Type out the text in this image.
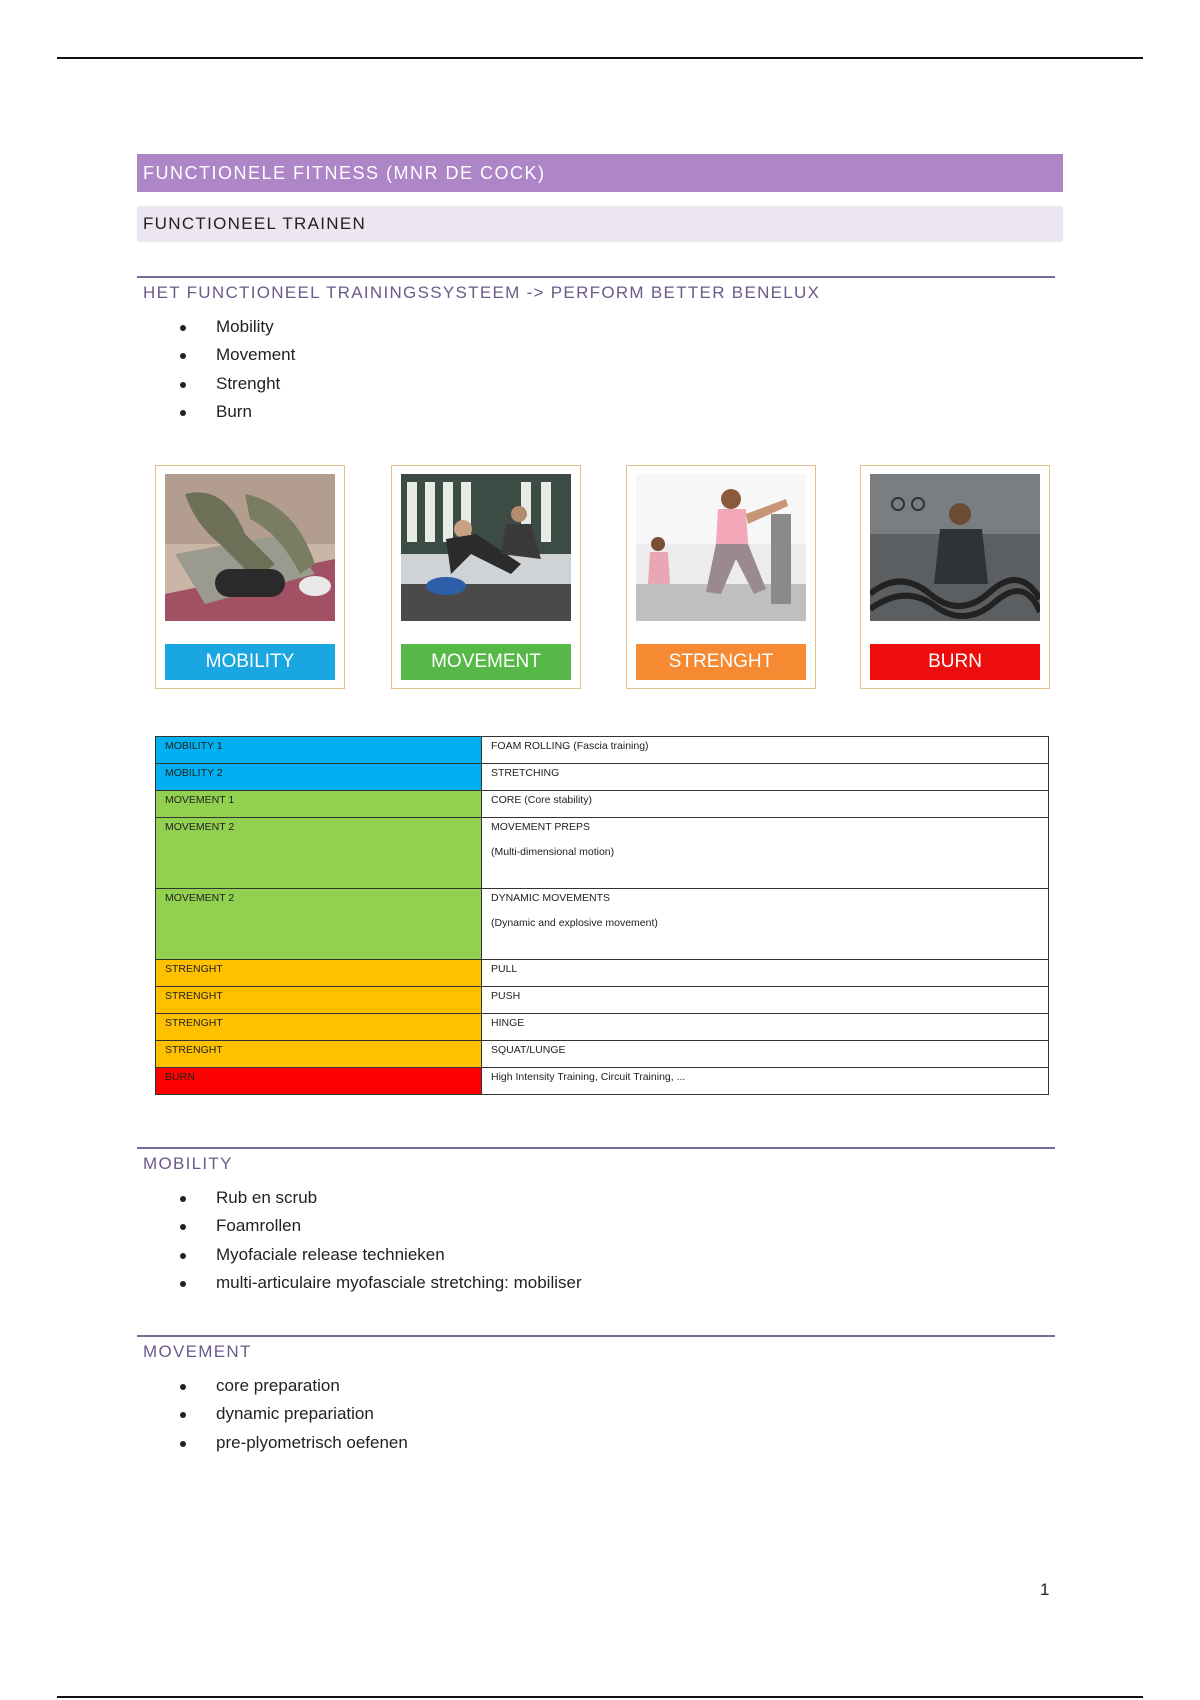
FUNCTIONELE FITNESS (MNR DE COCK)
FUNCTIONEEL TRAINEN
HET FUNCTIONEEL TRAININGSSYSTEEM -> PERFORM BETTER BENELUX
Mobility
Movement
Strenght
Burn
MOBILITY	MOVEMENT	STRENGHT	BURN
MOBILITY 1	FOAM ROLLING (Fascia training)

MOBILITY 2	STRETCHING

MOVEMENT 1	CORE (Core stability)

MOVEMENT 2	MOVEMENT PREPS
(Multi-dimensional motion)

MOVEMENT 2	DYNAMIC MOVEMENTS
(Dynamic and explosive movement)

STRENGHT	PULL

STRENGHT	PUSH

STRENGHT	HINGE

STRENGHT	SQUAT/LUNGE

BURN	High Intensity Training, Circuit Training, ...
MOBILITY
Rub en scrub
Foamrollen
Myofaciale release technieken
multi-articulaire myofasciale stretching: mobiliser
MOVEMENT
core preparation
dynamic prepariation
pre-plyometrisch oefenen
1
